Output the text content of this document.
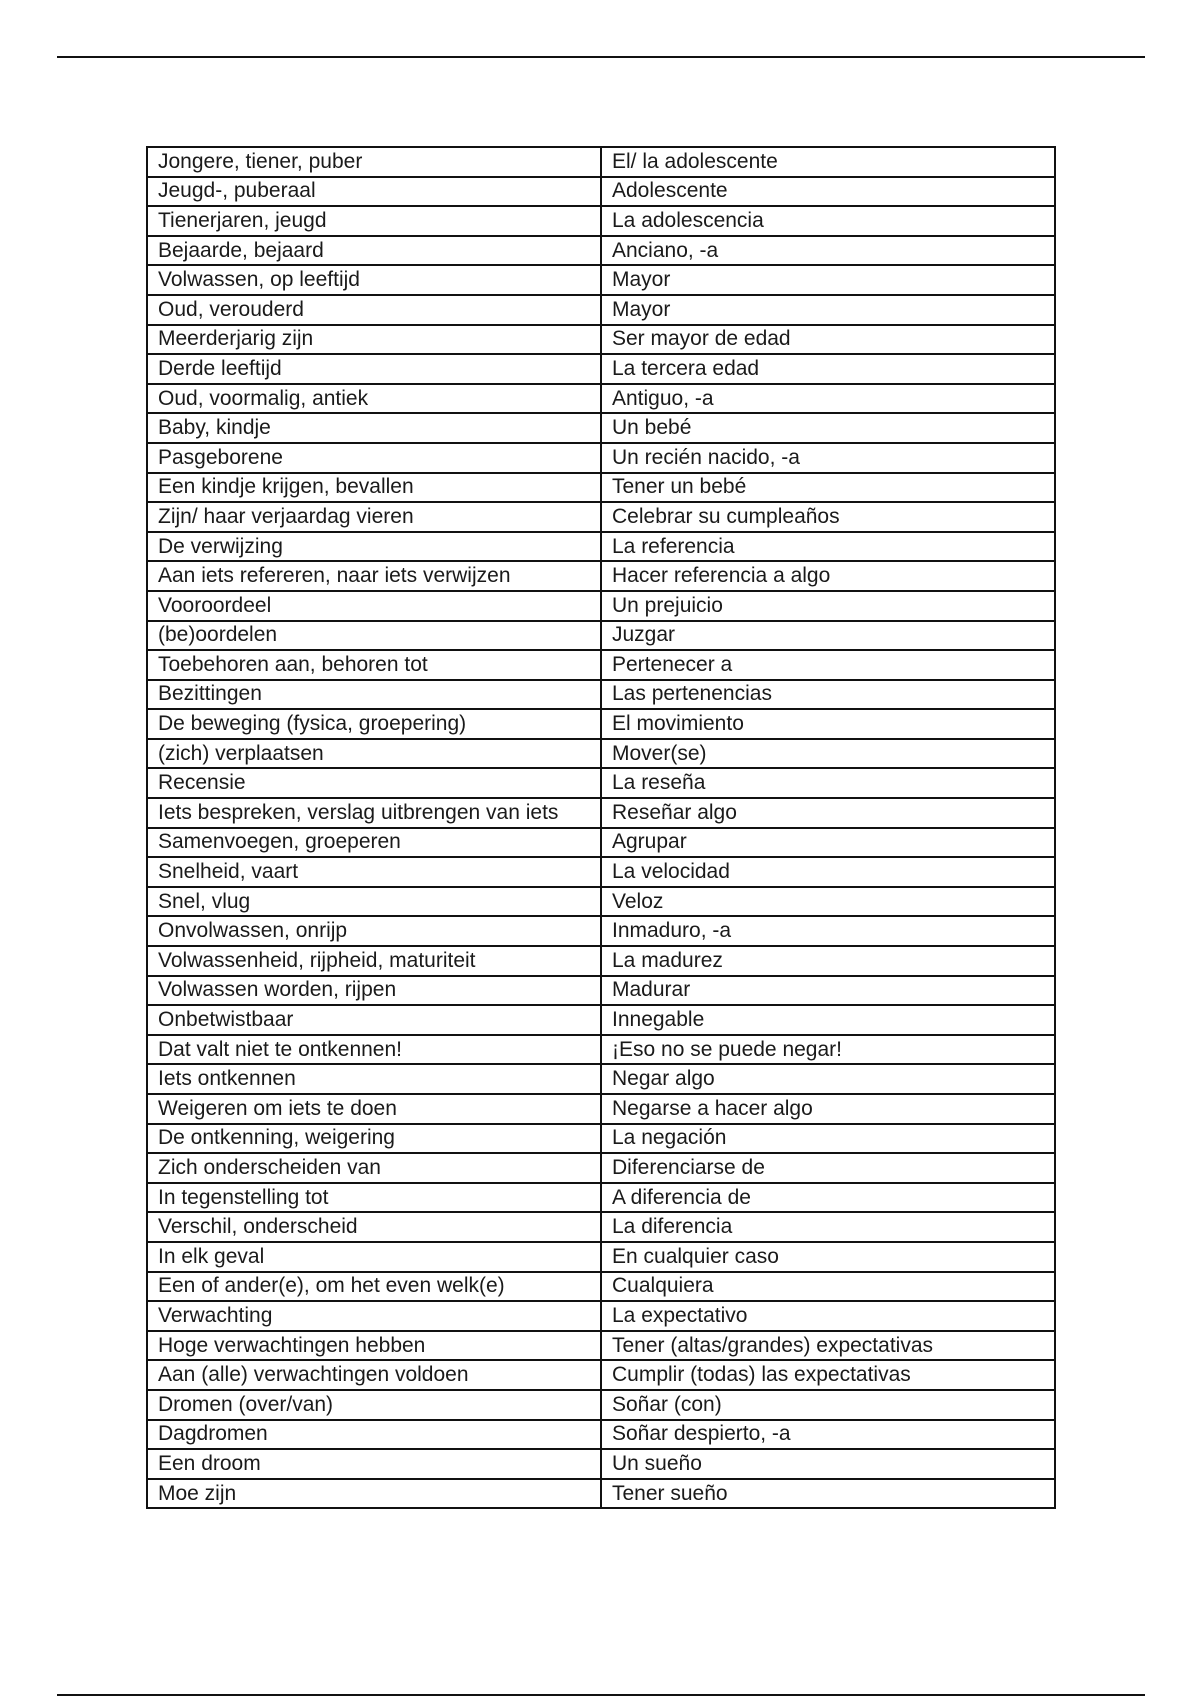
Jongere, tiener, puber	El/ la adolescente
Jeugd-, puberaal	Adolescente
Tienerjaren, jeugd	La adolescencia
Bejaarde, bejaard	Anciano, -a
Volwassen, op leeftijd	Mayor
Oud, verouderd	Mayor
Meerderjarig zijn	Ser mayor de edad
Derde leeftijd	La tercera edad
Oud, voormalig, antiek	Antiguo, -a
Baby, kindje	Un bebé
Pasgeborene	Un recién nacido, -a
Een kindje krijgen, bevallen	Tener un bebé
Zijn/ haar verjaardag vieren	Celebrar su cumpleaños
De verwijzing	La referencia
Aan iets refereren, naar iets verwijzen	Hacer referencia a algo
Vooroordeel	Un prejuicio
(be)oordelen	Juzgar
Toebehoren aan, behoren tot	Pertenecer a
Bezittingen	Las pertenencias
De beweging (fysica, groepering)	El movimiento
(zich) verplaatsen	Mover(se)
Recensie	La reseña
Iets bespreken, verslag uitbrengen van iets	Reseñar algo
Samenvoegen, groeperen	Agrupar
Snelheid, vaart	La velocidad
Snel, vlug	Veloz
Onvolwassen, onrijp	Inmaduro, -a
Volwassenheid, rijpheid, maturiteit	La madurez
Volwassen worden, rijpen	Madurar
Onbetwistbaar	Innegable
Dat valt niet te ontkennen!	¡Eso no se puede negar!
Iets ontkennen	Negar algo
Weigeren om iets te doen	Negarse a hacer algo
De ontkenning, weigering	La negación
Zich onderscheiden van	Diferenciarse de
In tegenstelling tot	A diferencia de
Verschil, onderscheid	La diferencia
In elk geval	En cualquier caso
Een of ander(e), om het even welk(e)	Cualquiera
Verwachting	La expectativo
Hoge verwachtingen hebben	Tener (altas/grandes) expectativas
Aan (alle) verwachtingen voldoen	Cumplir (todas) las expectativas
Dromen (over/van)	Soñar (con)
Dagdromen	Soñar despierto, -a
Een droom	Un sueño
Moe zijn	Tener sueño
